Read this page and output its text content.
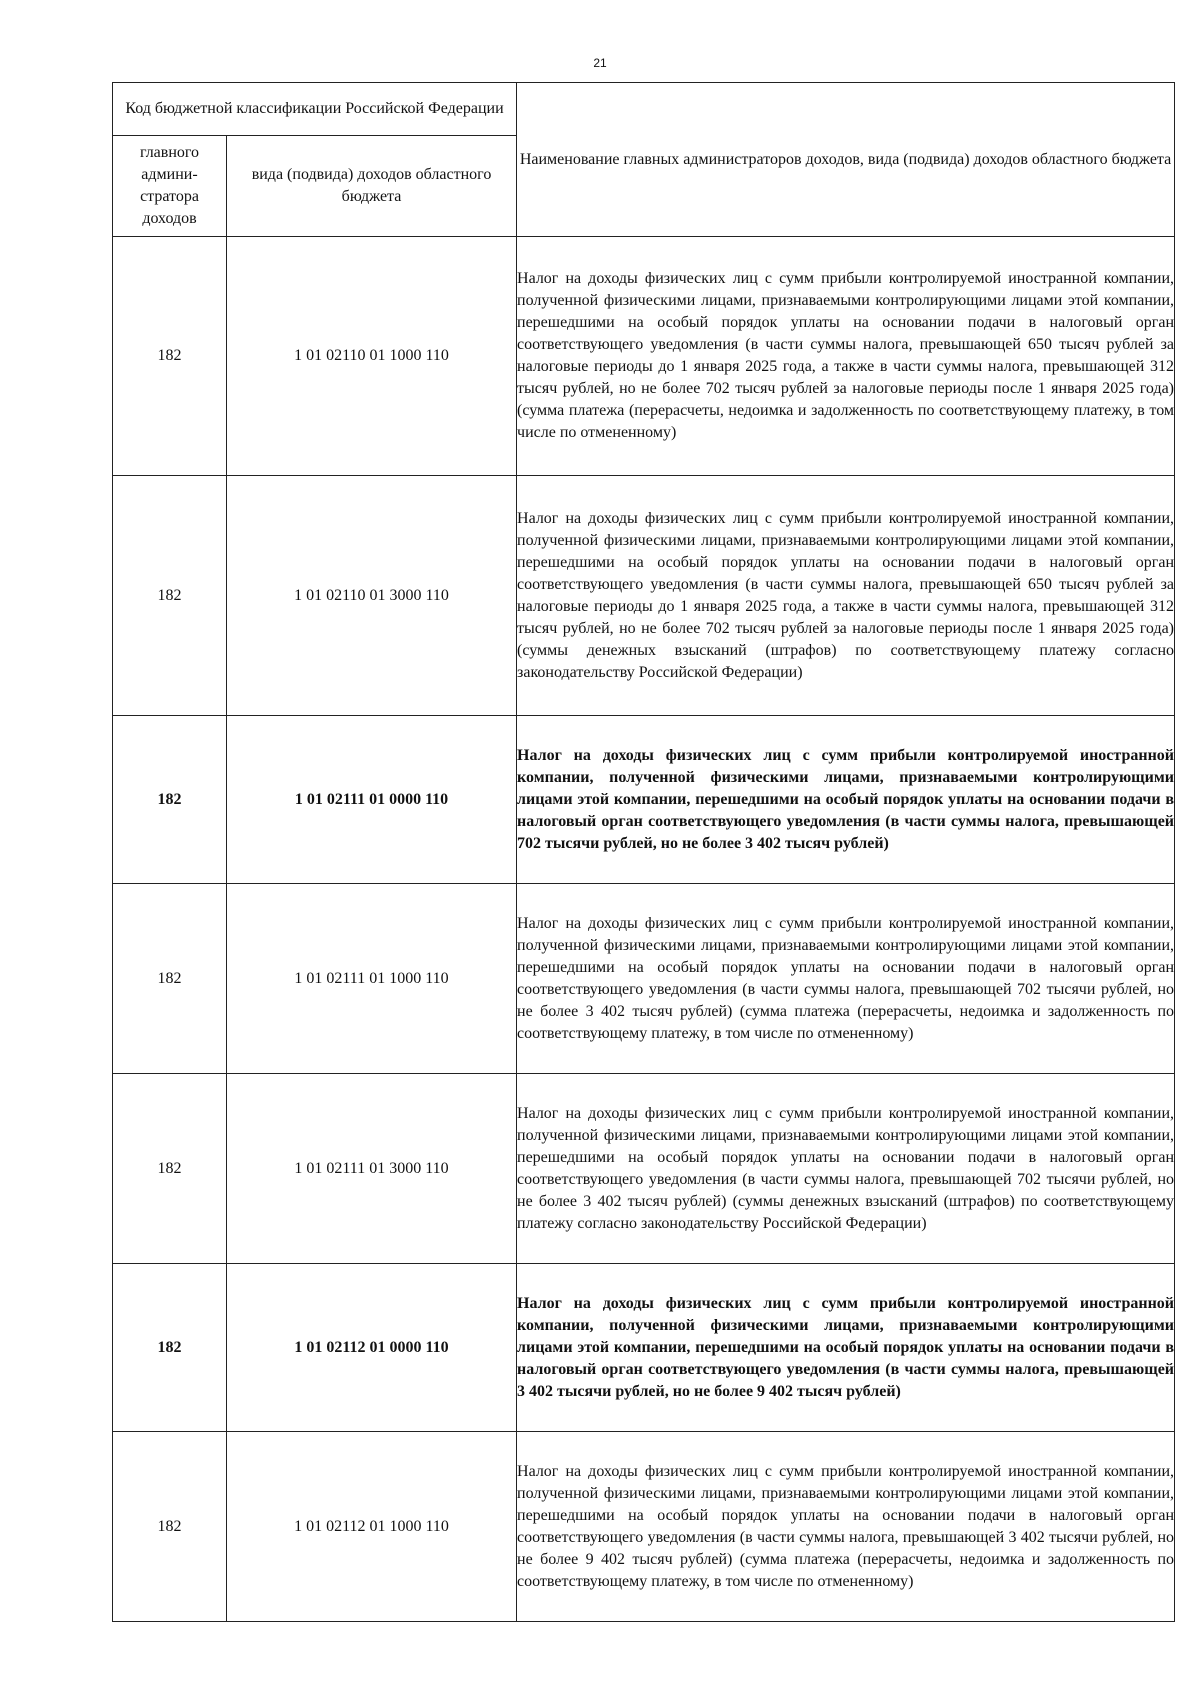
21
Код бюджетной классификации Российской Федерации		Наименование главных администраторов доходов, вида (подвида) доходов областного бюджета
главного админи-стратора доходов	вида (подвида) доходов областного бюджета	
182	1 01 02110 01 1000 110	Налог на доходы физических лиц с сумм прибыли контролируемой иностранной компании, полученной физическими лицами, признаваемыми контролирующими лицами этой компании, перешедшими на особый порядок уплаты на основании подачи в налоговый орган соответствующего уведомления (в части суммы налога, превышающей 650 тысяч рублей за налоговые периоды до 1 января 2025 года, а также в части суммы налога, превышающей 312 тысяч рублей, но не более 702 тысяч рублей за налоговые периоды после 1 января 2025 года) (сумма платежа (перерасчеты, недоимка и задолженность по соответствующему платежу, в том числе по отмененному)
182	1 01 02110 01 3000 110	Налог на доходы физических лиц с сумм прибыли контролируемой иностранной компании, полученной физическими лицами, признаваемыми контролирующими лицами этой компании, перешедшими на особый порядок уплаты на основании подачи в налоговый орган соответствующего уведомления (в части суммы налога, превышающей 650 тысяч рублей за налоговые периоды до 1 января 2025 года, а также в части суммы налога, превышающей 312 тысяч рублей, но не более 702 тысяч рублей за налоговые периоды после 1 января 2025 года) (суммы денежных взысканий (штрафов) по соответствующему платежу согласно законодательству Российской Федерации)
182	1 01 02111 01 0000 110	Налог на доходы физических лиц с сумм прибыли контролируемой иностранной компании, полученной физическими лицами, признаваемыми контролирующими лицами этой компании, перешедшими на особый порядок уплаты на основании подачи в налоговый орган соответствующего уведомления (в части суммы налога, превышающей 702 тысячи рублей, но не более 3 402 тысяч рублей)
182	1 01 02111 01 1000 110	Налог на доходы физических лиц с сумм прибыли контролируемой иностранной компании, полученной физическими лицами, признаваемыми контролирующими лицами этой компании, перешедшими на особый порядок уплаты на основании подачи в налоговый орган соответствующего уведомления (в части суммы налога, превышающей 702 тысячи рублей, но не более 3 402 тысяч рублей) (сумма платежа (перерасчеты, недоимка и задолженность по соответствующему платежу, в том числе по отмененному)
182	1 01 02111 01 3000 110	Налог на доходы физических лиц с сумм прибыли контролируемой иностранной компании, полученной физическими лицами, признаваемыми контролирующими лицами этой компании, перешедшими на особый порядок уплаты на основании подачи в налоговый орган соответствующего уведомления (в части суммы налога, превышающей 702 тысячи рублей, но не более 3 402 тысяч рублей) (суммы денежных взысканий (штрафов) по соответствующему платежу согласно законодательству Российской Федерации)
182	1 01 02112 01 0000 110	Налог на доходы физических лиц с сумм прибыли контролируемой иностранной компании, полученной физическими лицами, признаваемыми контролирующими лицами этой компании, перешедшими на особый порядок уплаты на основании подачи в налоговый орган соответствующего уведомления (в части суммы налога, превышающей 3 402 тысячи рублей, но не более 9 402 тысяч рублей)
182	1 01 02112 01 1000 110	Налог на доходы физических лиц с сумм прибыли контролируемой иностранной компании, полученной физическими лицами, признаваемыми контролирующими лицами этой компании, перешедшими на особый порядок уплаты на основании подачи в налоговый орган соответствующего уведомления (в части суммы налога, превышающей 3 402 тысячи рублей, но не более 9 402 тысяч рублей) (сумма платежа (перерасчеты, недоимка и задолженность по соответствующему платежу, в том числе по отмененному)
